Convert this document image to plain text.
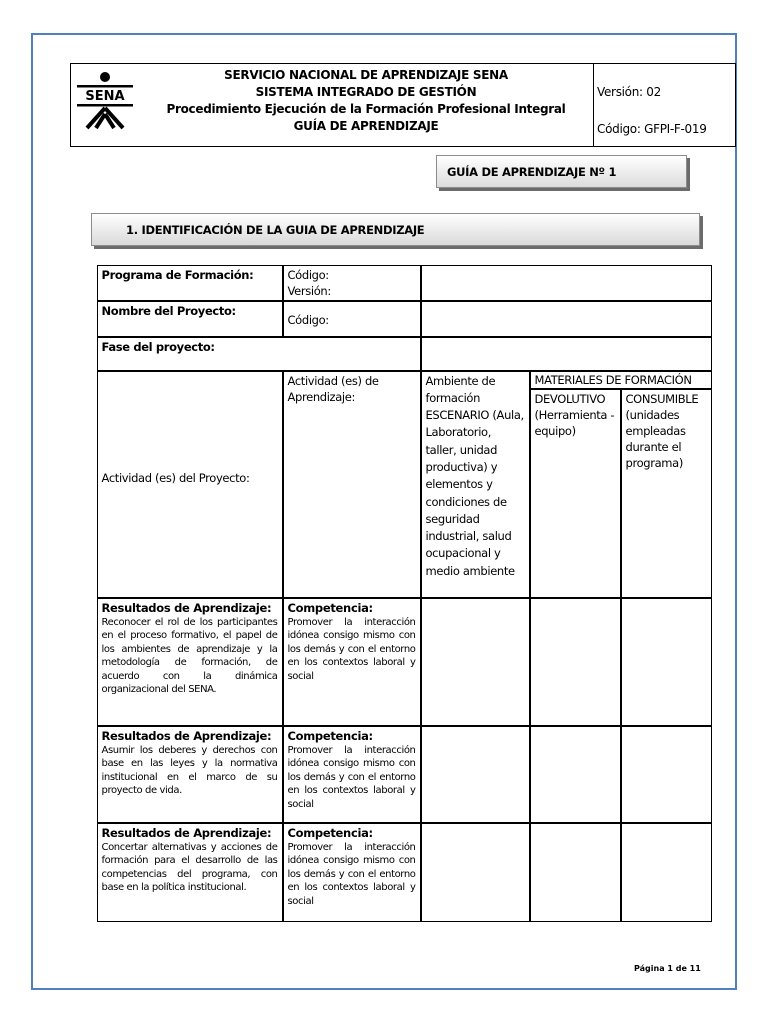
SENA
SERVICIO NACIONAL DE APRENDIZAJE SENA
SISTEMA INTEGRADO DE GESTIÓN
Procedimiento Ejecución de la Formación Profesional Integral
GUÍA DE APRENDIZAJE
Versión: 02
Código: GFPI-F-019
GUÍA DE APRENDIZAJE Nº 1
1. IDENTIFICACIÓN DE LA GUIA DE APRENDIZAJE
Programa de Formación:	Código:
Versión:
Nombre del Proyecto:
Código:
Fase del proyecto:
Actividad (es) del Proyecto:
Actividad (es) de Aprendizaje:
Ambiente de formación ESCENARIO (Aula, Laboratorio, taller, unidad productiva) y elementos y condiciones de seguridad industrial, salud ocupacional y medio ambiente
MATERIALES DE FORMACIÓN
DEVOLUTIVO (Herramienta - equipo)
CONSUMIBLE (unidades empleadas durante el programa)
Resultados de Aprendizaje:
Reconocer el rol de los participantes en el proceso formativo, el papel de los ambientes de aprendizaje y la metodología de formación, de acuerdo con la dinámica organizacional del SENA.
Competencia:
Promover la interacción idónea consigo mismo con los demás y con el entorno en los contextos laboral y social
Resultados de Aprendizaje:
Asumir los deberes y derechos con base en las leyes y la normativa institucional en el marco de su proyecto de vida.
Competencia:
Promover la interacción idónea consigo mismo con los demás y con el entorno en los contextos laboral y social
Resultados de Aprendizaje:
Concertar alternativas y acciones de formación para el desarrollo de las competencias del programa, con base en la política institucional.
Competencia:
Promover la interacción idónea consigo mismo con los demás y con el entorno en los contextos laboral y social
Página 1 de 11
